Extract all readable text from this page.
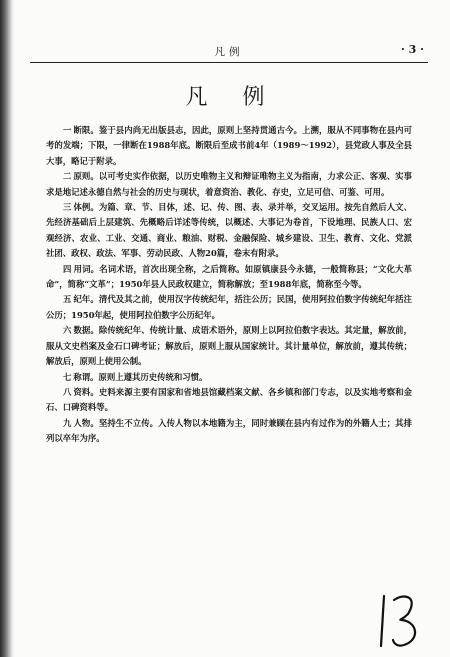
凡例	· 3 ·
凡 例

一 断限。鉴于县内尚无出版县志，因此，原则上坚持贯通古今。上溯，服从不同事物在县内可考的发端；下限，一律断在1988年底。断限后至成书前4年（1989～1992），县党政人事及全县大事，略记于附录。

二 原则。以可考史实作依据，以历史唯物主义和辩证唯物主义为指南，力求公正、客观、实事求是地记述永德自然与社会的历史与现状，着意资治、教化、存史，立足可信、可鉴、可用。

三 体例。为篇、章、节、目体，述、记、传、图、表、录并举，交叉运用。按先自然后人文、先经济基础后上层建筑、先概略后详述等传统，以概述、大事记为卷首，下设地理、民族人口、宏观经济、农业、工业、交通、商业、粮油、财税、金融保险、城乡建设、卫生、教育、文化、党派社团、政权、政法、军事、劳动民政、人物20篇，卷末有附录。

四 用词。名词术语，首次出现全称，之后简称。如原镇康县今永德，一般简称县；“文化大革命”，简称“文革”；1950年县人民政权建立，简称解放；至1988年底，简称至今等。

五 纪年。清代及其之前，使用汉字传统纪年，括注公历；民国，使用阿拉伯数字传统纪年括注公历；1950年起，使用阿拉伯数字公历纪年。

六 数据。除传统纪年、传统计量、成语术语外，原则上以阿拉伯数字表达。其定量，解放前，服从文史档案及金石口碑考证；解放后，原则上服从国家统计。其计量单位，解放前，遵其传统；解放后，原则上使用公制。

七 称谓。原则上遵其历史传统和习惯。

八 资料。史料来源主要有国家和省地县馆藏档案文献、各乡镇和部门专志，以及实地考察和金石、口碑资料等。

九 人物。坚持生不立传。入传人物以本地籍为主，同时兼顾在县内有过作为的外籍人士；其排列以卒年为序。
